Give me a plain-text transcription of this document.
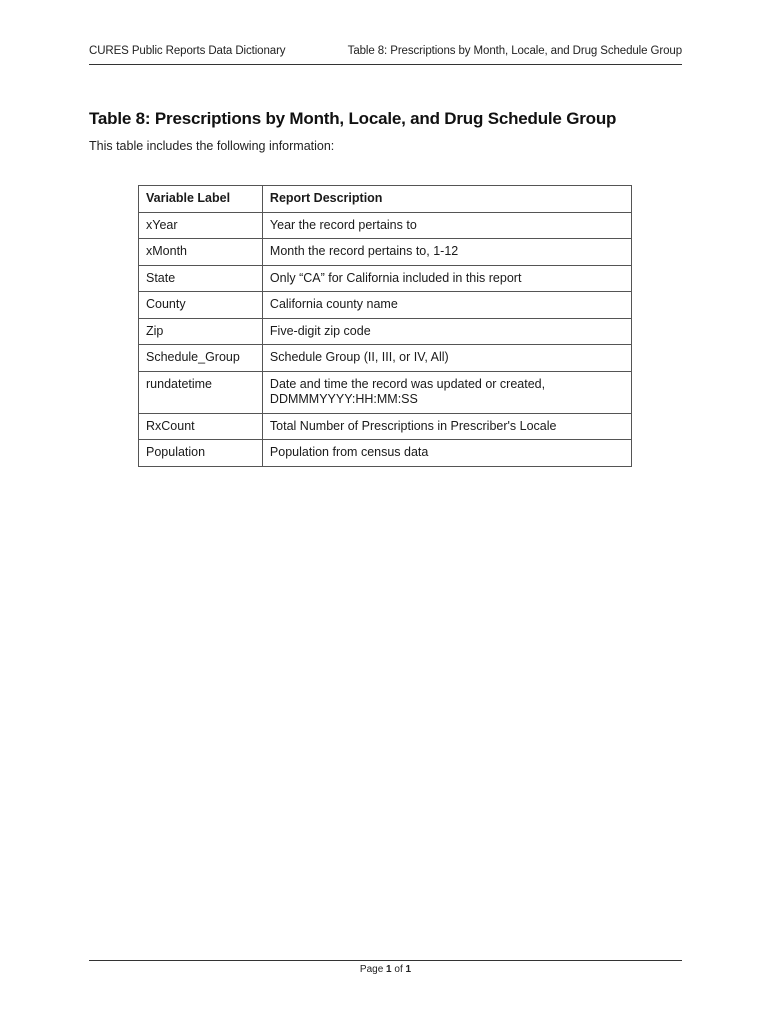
CURES Public Reports Data Dictionary	Table 8: Prescriptions by Month, Locale, and Drug Schedule Group
Table 8: Prescriptions by Month, Locale, and Drug Schedule Group

This table includes the following information:

Variable Label	Report Description
xYear	Year the record pertains to
xMonth	Month the record pertains to, 1-12
State	Only “CA” for California included in this report
County	California county name
Zip	Five-digit zip code
Schedule_Group	Schedule Group (II, III, or IV, All)
rundatetime	Date and time the record was updated or created,
DDMMMYYYY:HH:MM:SS
RxCount	Total Number of Prescriptions in Prescriber's Locale
Population	Population from census data
Page 1 of 1
